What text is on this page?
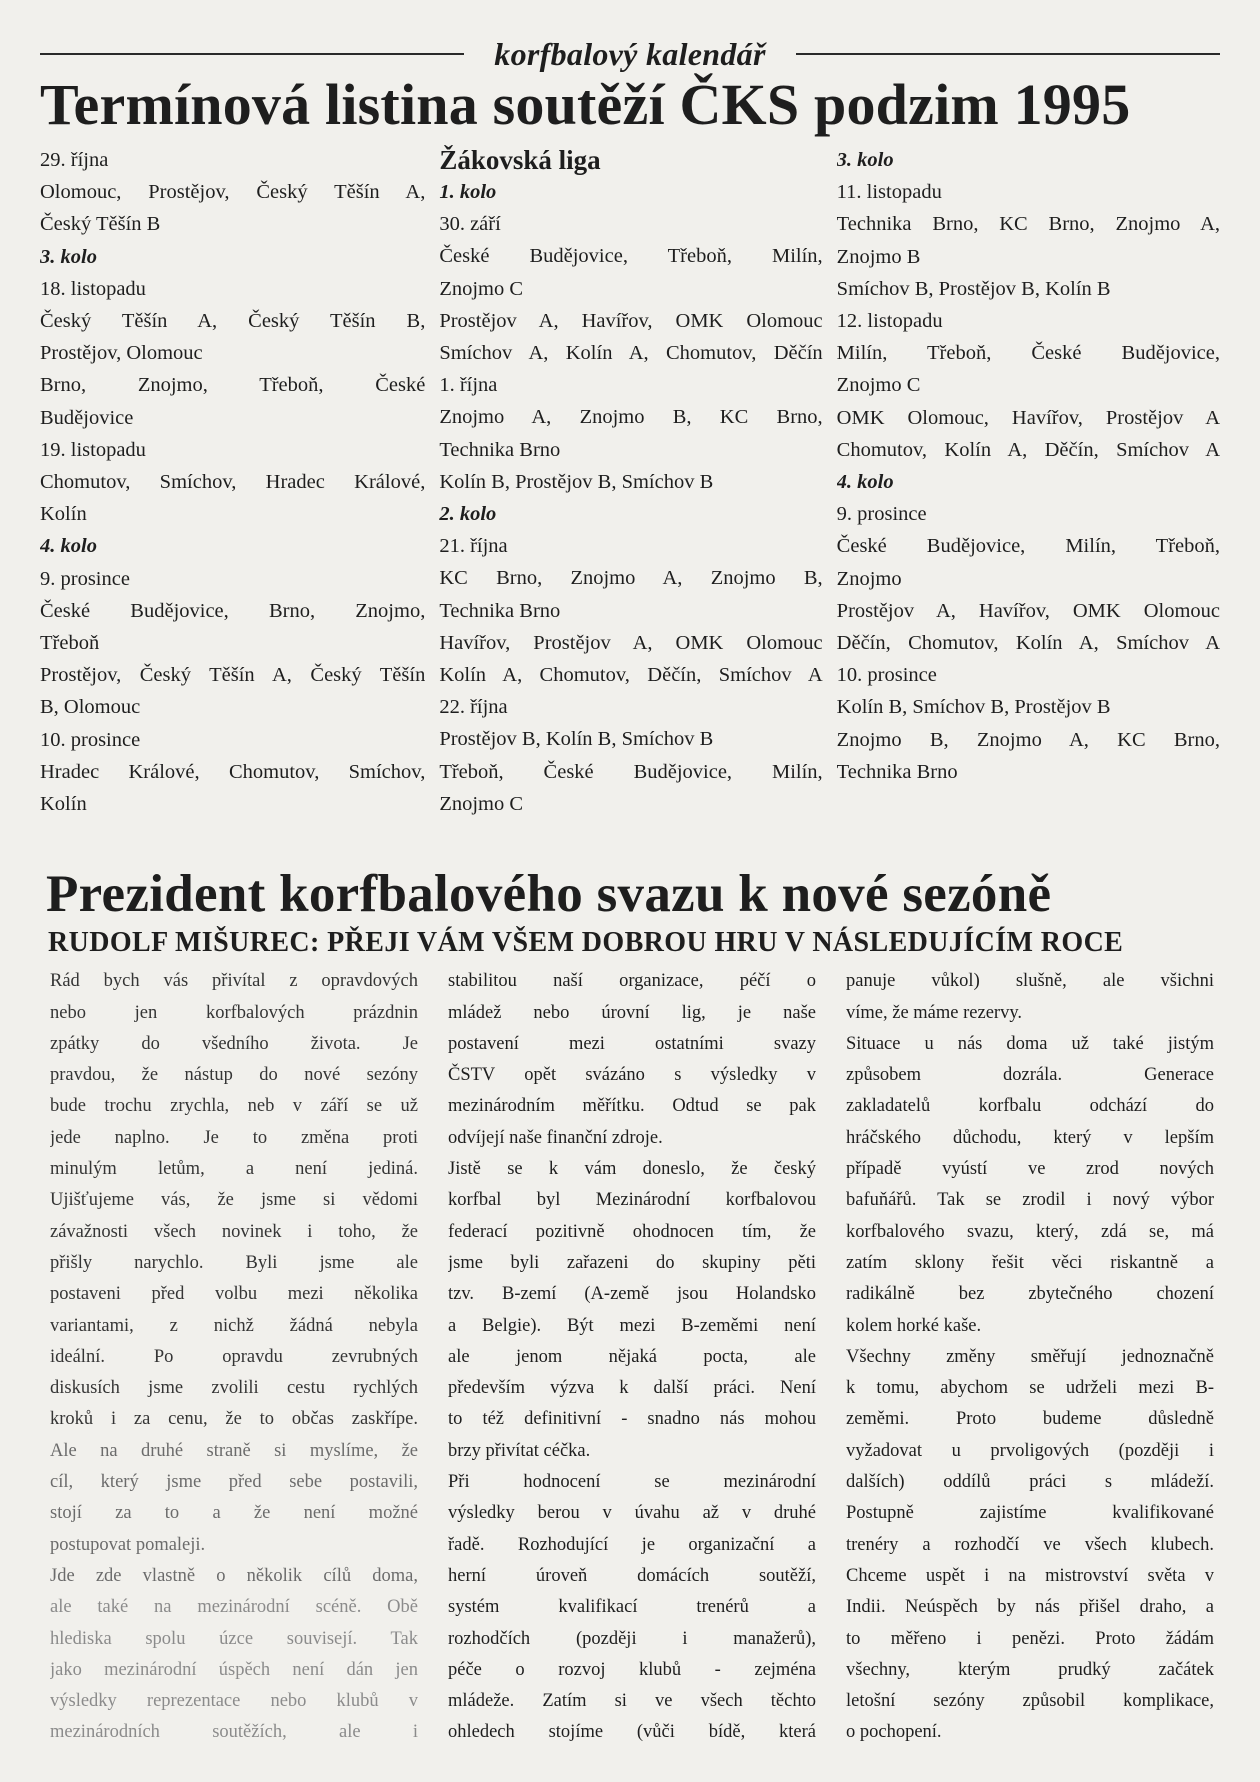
korfbalový kalendář
Termínová listina soutěží ČKS podzim 1995
29. října
Olomouc, Prostějov, Český Těšín A,
Český Těšín B
3. kolo
18. listopadu
Český Těšín A, Český Těšín B,
Prostějov, Olomouc
Brno, Znojmo, Třeboň, České
Budějovice
19. listopadu
Chomutov, Smíchov, Hradec Králové,
Kolín
4. kolo
9. prosince
České Budějovice, Brno, Znojmo,
Třeboň
Prostějov, Český Těšín A, Český Těšín
B, Olomouc
10. prosince
Hradec Králové, Chomutov, Smíchov,
Kolín
Žákovská liga
1. kolo
30. září
České Budějovice, Třeboň, Milín,
Znojmo C
Prostějov A, Havířov, OMK Olomouc
Smíchov A, Kolín A, Chomutov, Děčín
1. října
Znojmo A, Znojmo B, KC Brno,
Technika Brno
Kolín B, Prostějov B, Smíchov B
2. kolo
21. října
KC Brno, Znojmo A, Znojmo B,
Technika Brno
Havířov, Prostějov A, OMK Olomouc
Kolín A, Chomutov, Děčín, Smíchov A
22. října
Prostějov B, Kolín B, Smíchov B
Třeboň, České Budějovice, Milín,
Znojmo C
3. kolo
11. listopadu
Technika Brno, KC Brno, Znojmo A,
Znojmo B
Smíchov B, Prostějov B, Kolín B
12. listopadu
Milín, Třeboň, České Budějovice,
Znojmo C
OMK Olomouc, Havířov, Prostějov A
Chomutov, Kolín A, Děčín, Smíchov A
4. kolo
9. prosince
České Budějovice, Milín, Třeboň,
Znojmo
Prostějov A, Havířov, OMK Olomouc
Děčín, Chomutov, Kolín A, Smíchov A
10. prosince
Kolín B, Smíchov B, Prostějov B
Znojmo B, Znojmo A, KC Brno,
Technika Brno
Prezident korfbalového svazu k nové sezóně
RUDOLF MIŠUREC: PŘEJI VÁM VŠEM DOBROU HRU V NÁSLEDUJÍCÍM ROCE
Rád bych vás přivítal z opravdových
nebo jen korfbalových prázdnin
zpátky do všedního života. Je
pravdou, že nástup do nové sezóny
bude trochu zrychla, neb v září se už
jede naplno. Je to změna proti
minulým letům, a není jediná.
Ujišťujeme vás, že jsme si vědomi
závažnosti všech novinek i toho, že
přišly narychlo. Byli jsme ale
postaveni před volbu mezi několika
variantami, z nichž žádná nebyla
ideální. Po opravdu zevrubných
diskusích jsme zvolili cestu rychlých
kroků i za cenu, že to občas zaskřípe.
Ale na druhé straně si myslíme, že
cíl, který jsme před sebe postavili,
stojí za to a že není možné
postupovat pomaleji.
Jde zde vlastně o několik cílů doma,
ale také na mezinárodní scéně. Obě
hlediska spolu úzce souvisejí. Tak
jako mezinárodní úspěch není dán jen
výsledky reprezentace nebo klubů v
mezinárodních soutěžích, ale i
stabilitou naší organizace, péčí o
mládež nebo úrovní lig, je naše
postavení mezi ostatními svazy
ČSTV opět svázáno s výsledky v
mezinárodním měřítku. Odtud se pak
odvíjejí naše finanční zdroje.
Jistě se k vám doneslo, že český
korfbal byl Mezinárodní korfbalovou
federací pozitivně ohodnocen tím, že
jsme byli zařazeni do skupiny pěti
tzv. B-zemí (A-země jsou Holandsko
a Belgie). Být mezi B-zeměmi není
ale jenom nějaká pocta, ale
především výzva k další práci. Není
to též definitivní - snadno nás mohou
brzy přivítat céčka.
Při hodnocení se mezinárodní
výsledky berou v úvahu až v druhé
řadě. Rozhodující je organizační a
herní úroveň domácích soutěží,
systém kvalifikací trenérů a
rozhodčích (později i manažerů),
péče o rozvoj klubů - zejména
mládeže. Zatím si ve všech těchto
ohledech stojíme (vůči bídě, která
panuje vůkol) slušně, ale všichni
víme, že máme rezervy.
Situace u nás doma už také jistým
způsobem dozrála. Generace
zakladatelů korfbalu odchází do
hráčského důchodu, který v lepším
případě vyústí ve zrod nových
bafuňářů. Tak se zrodil i nový výbor
korfbalového svazu, který, zdá se, má
zatím sklony řešit věci riskantně a
radikálně bez zbytečného chození
kolem horké kaše.
Všechny změny směřují jednoznačně
k tomu, abychom se udrželi mezi B-
zeměmi. Proto budeme důsledně
vyžadovat u prvoligových (později i
dalších) oddílů práci s mládeží.
Postupně zajistíme kvalifikované
trenéry a rozhodčí ve všech klubech.
Chceme uspět i na mistrovství světa v
Indii. Neúspěch by nás přišel draho, a
to měřeno i penězi. Proto žádám
všechny, kterým prudký začátek
letošní sezóny způsobil komplikace,
o pochopení.
